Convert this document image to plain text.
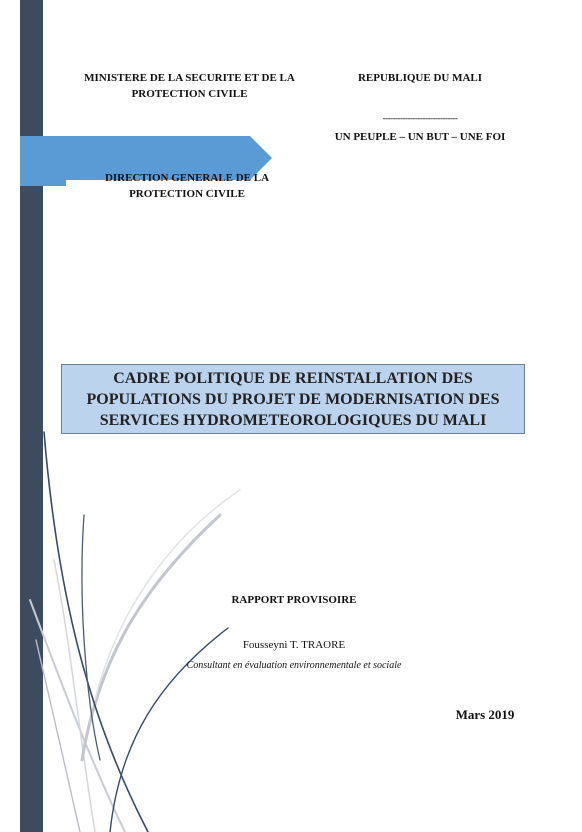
MINISTERE DE LA SECURITE ET DE LA PROTECTION CIVILE

REPUBLIQUE DU MALI

------------------------------

UN PEUPLE – UN BUT – UNE FOI

DIRECTION GENERALE DE LA PROTECTION CIVILE

CADRE POLITIQUE DE REINSTALLATION DES POPULATIONS DU PROJET DE MODERNISATION DES SERVICES HYDROMETEOROLOGIQUES DU MALI

RAPPORT PROVISOIRE

Fousseyni T. TRAORE

Consultant en évaluation environnementale et sociale

Mars 2019
